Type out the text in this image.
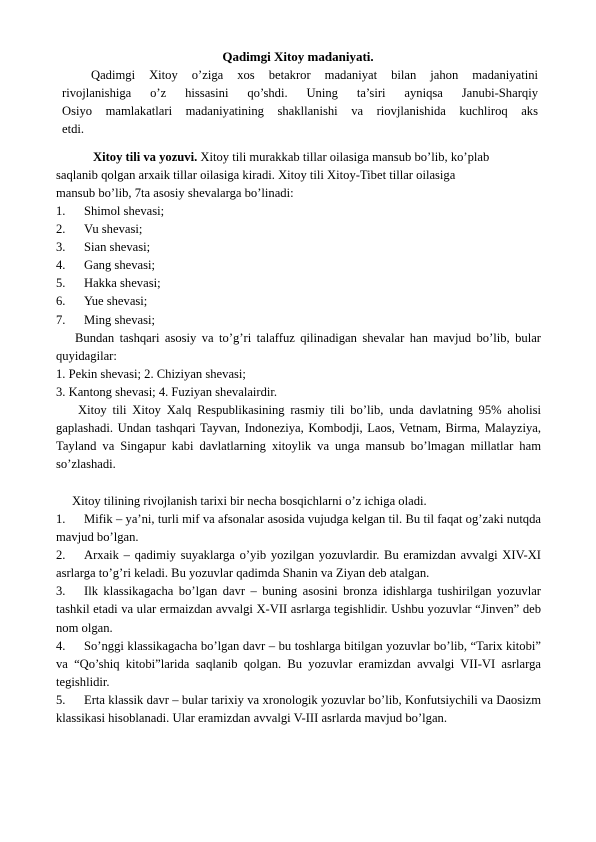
Qadimgi Xitoy madaniyati.
Qadimgi Xitoy o’ziga xos betakror madaniyat bilan jahon madaniyatini
rivojlanishiga o’z hissasini qo’shdi. Uning ta’siri ayniqsa Janubi-Sharqiy
Osiyo mamlakatlari madaniyatining shakllanishi va riovjlanishida kuchliroq aks
etdi.

Xitoy tili va yozuvi. Xitoy tili murakkab tillar oilasiga mansub bo’lib, ko’plab

saqlanib qolgan arxaik tillar oilasiga kiradi. Xitoy tili Xitoy-Tibet tillar oilasiga

mansub bo’lib, 7ta asosiy shevalarga bo’linadi:

1.	Shimol shevasi;
2.	Vu shevasi;
3.	Sian shevasi;
4.	Gang shevasi;
5.	Hakka shevasi;
6.	Yue shevasi;
7.	Ming shevasi;

Bundan tashqari asosiy va to’g’ri talaffuz qilinadigan shevalar han mavjud bo’lib, bular quyidagilar:

1. Pekin shevasi; 2. Chiziyan shevasi;

3. Kantong shevasi; 4. Fuziyan shevalairdir.

Xitoy tili Xitoy Xalq Respublikasining rasmiy tili bo’lib, unda davlatning 95% aholisi gaplashadi. Undan tashqari Tayvan, Indoneziya, Kombodji, Laos, Vetnam, Birma, Malayziya, Tayland va Singapur kabi davlatlarning xitoylik va unga mansub bo’lmagan millatlar ham so’zlashadi.
Xitoy tilining rivojlanish tarixi bir necha bosqichlarni o’z ichiga oladi.

1. Mifik – ya’ni, turli mif va afsonalar asosida vujudga kelgan til. Bu til faqat og’zaki nutqda mavjud bo’lgan.

2. Arxaik – qadimiy suyaklarga o’yib yozilgan yozuvlardir. Bu eramizdan avvalgi XIV-XI asrlarga to’g’ri keladi. Bu yozuvlar qadimda Shanin va Ziyan deb atalgan.

3. Ilk klassikagacha bo’lgan davr – buning asosini bronza idishlarga tushirilgan yozuvlar tashkil etadi va ular ermaizdan avvalgi X-VII asrlarga tegishlidir. Ushbu yozuvlar “Jinven” deb nom olgan.

4. So’nggi klassikagacha bo’lgan davr – bu toshlarga bitilgan yozuvlar bo’lib, “Tarix kitobi” va “Qo’shiq kitobi”larida saqlanib qolgan. Bu yozuvlar eramizdan avvalgi VII-VI asrlarga tegishlidir.

5. Erta klassik davr – bular tarixiy va xronologik yozuvlar bo’lib, Konfutsiychili va Daosizm klassikasi hisoblanadi. Ular eramizdan avvalgi V-III asrlarda mavjud bo’lgan.
